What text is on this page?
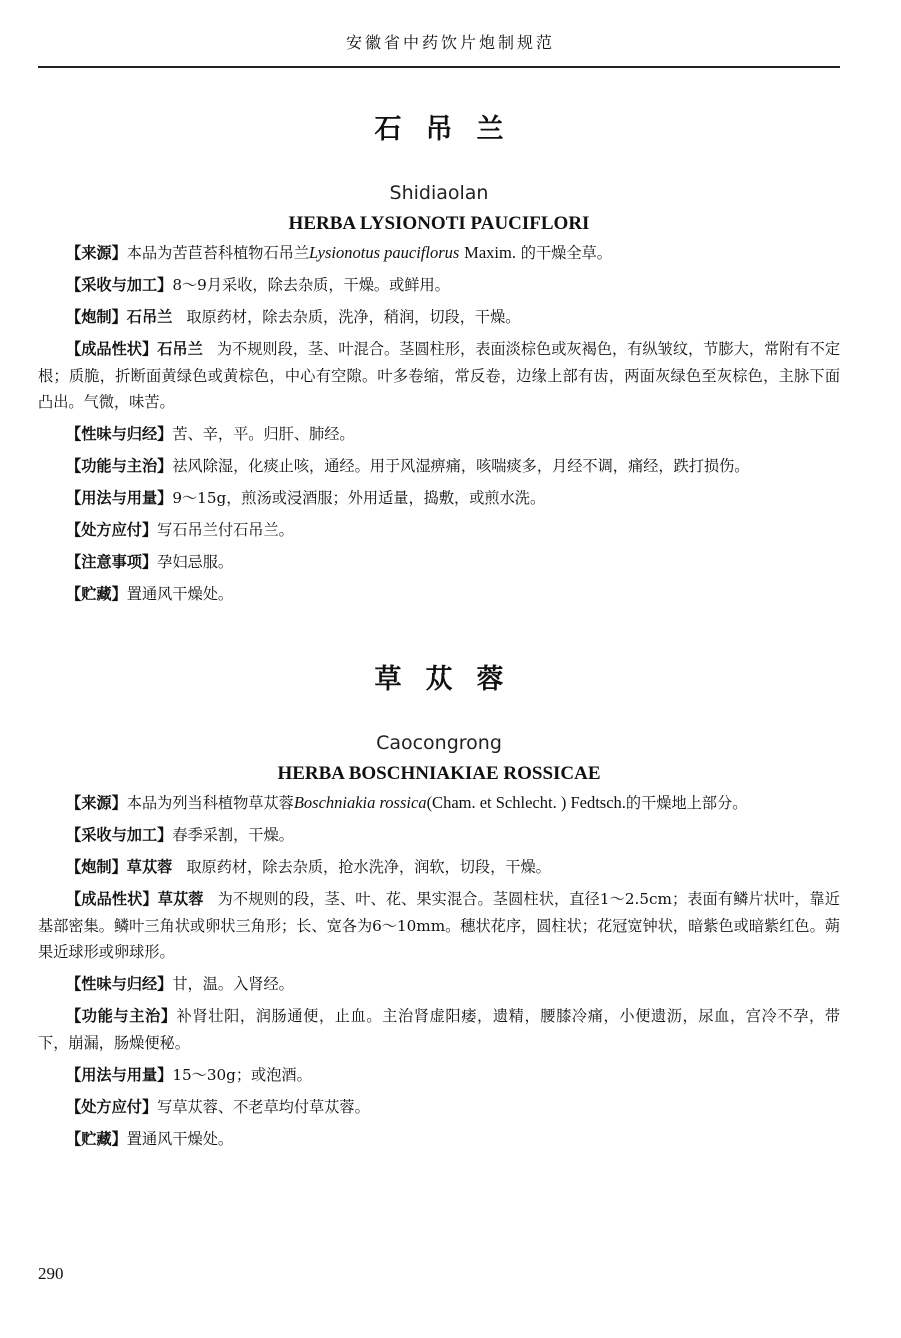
安徽省中药饮片炮制规范
石吊兰
Shidiaolan
HERBA LYSIONOTI PAUCIFLORI

【来源】本品为苦苣苔科植物石吊兰Lysionotus pauciflorus Maxim. 的干燥全草。

【采收与加工】8～9月采收，除去杂质，干燥。或鲜用。

【炮制】石吊兰 取原药材，除去杂质，洗净，稍润，切段，干燥。

【成品性状】石吊兰 为不规则段，茎、叶混合。茎圆柱形，表面淡棕色或灰褐色，有纵皱纹，节膨大，常附有不定根；质脆，折断面黄绿色或黄棕色，中心有空隙。叶多卷缩，常反卷，边缘上部有齿，两面灰绿色至灰棕色，主脉下面凸出。气微，味苦。

【性味与归经】苦、辛，平。归肝、肺经。

【功能与主治】祛风除湿，化痰止咳，通经。用于风湿痹痛，咳喘痰多，月经不调，痛经，跌打损伤。

【用法与用量】9～15g，煎汤或浸酒服；外用适量，捣敷，或煎水洗。

【处方应付】写石吊兰付石吊兰。

【注意事项】孕妇忌服。

【贮藏】置通风干燥处。

草苁蓉
Caocongrong
HERBA BOSCHNIAKIAE ROSSICAE

【来源】本品为列当科植物草苁蓉Boschniakia rossica(Cham. et Schlecht. ) Fedtsch.的干燥地上部分。

【采收与加工】春季采割，干燥。

【炮制】草苁蓉 取原药材，除去杂质，抢水洗净，润软，切段，干燥。

【成品性状】草苁蓉 为不规则的段，茎、叶、花、果实混合。茎圆柱状，直径1～2.5cm；表面有鳞片状叶，靠近基部密集。鳞叶三角状或卵状三角形；长、宽各为6～10mm。穗状花序，圆柱状；花冠宽钟状，暗紫色或暗紫红色。蒴果近球形或卵球形。

【性味与归经】甘，温。入肾经。

【功能与主治】补肾壮阳，润肠通便，止血。主治肾虚阳痿，遗精，腰膝冷痛，小便遗沥，尿血，宫冷不孕，带下，崩漏，肠燥便秘。

【用法与用量】15～30g；或泡酒。

【处方应付】写草苁蓉、不老草均付草苁蓉。

【贮藏】置通风干燥处。

290
